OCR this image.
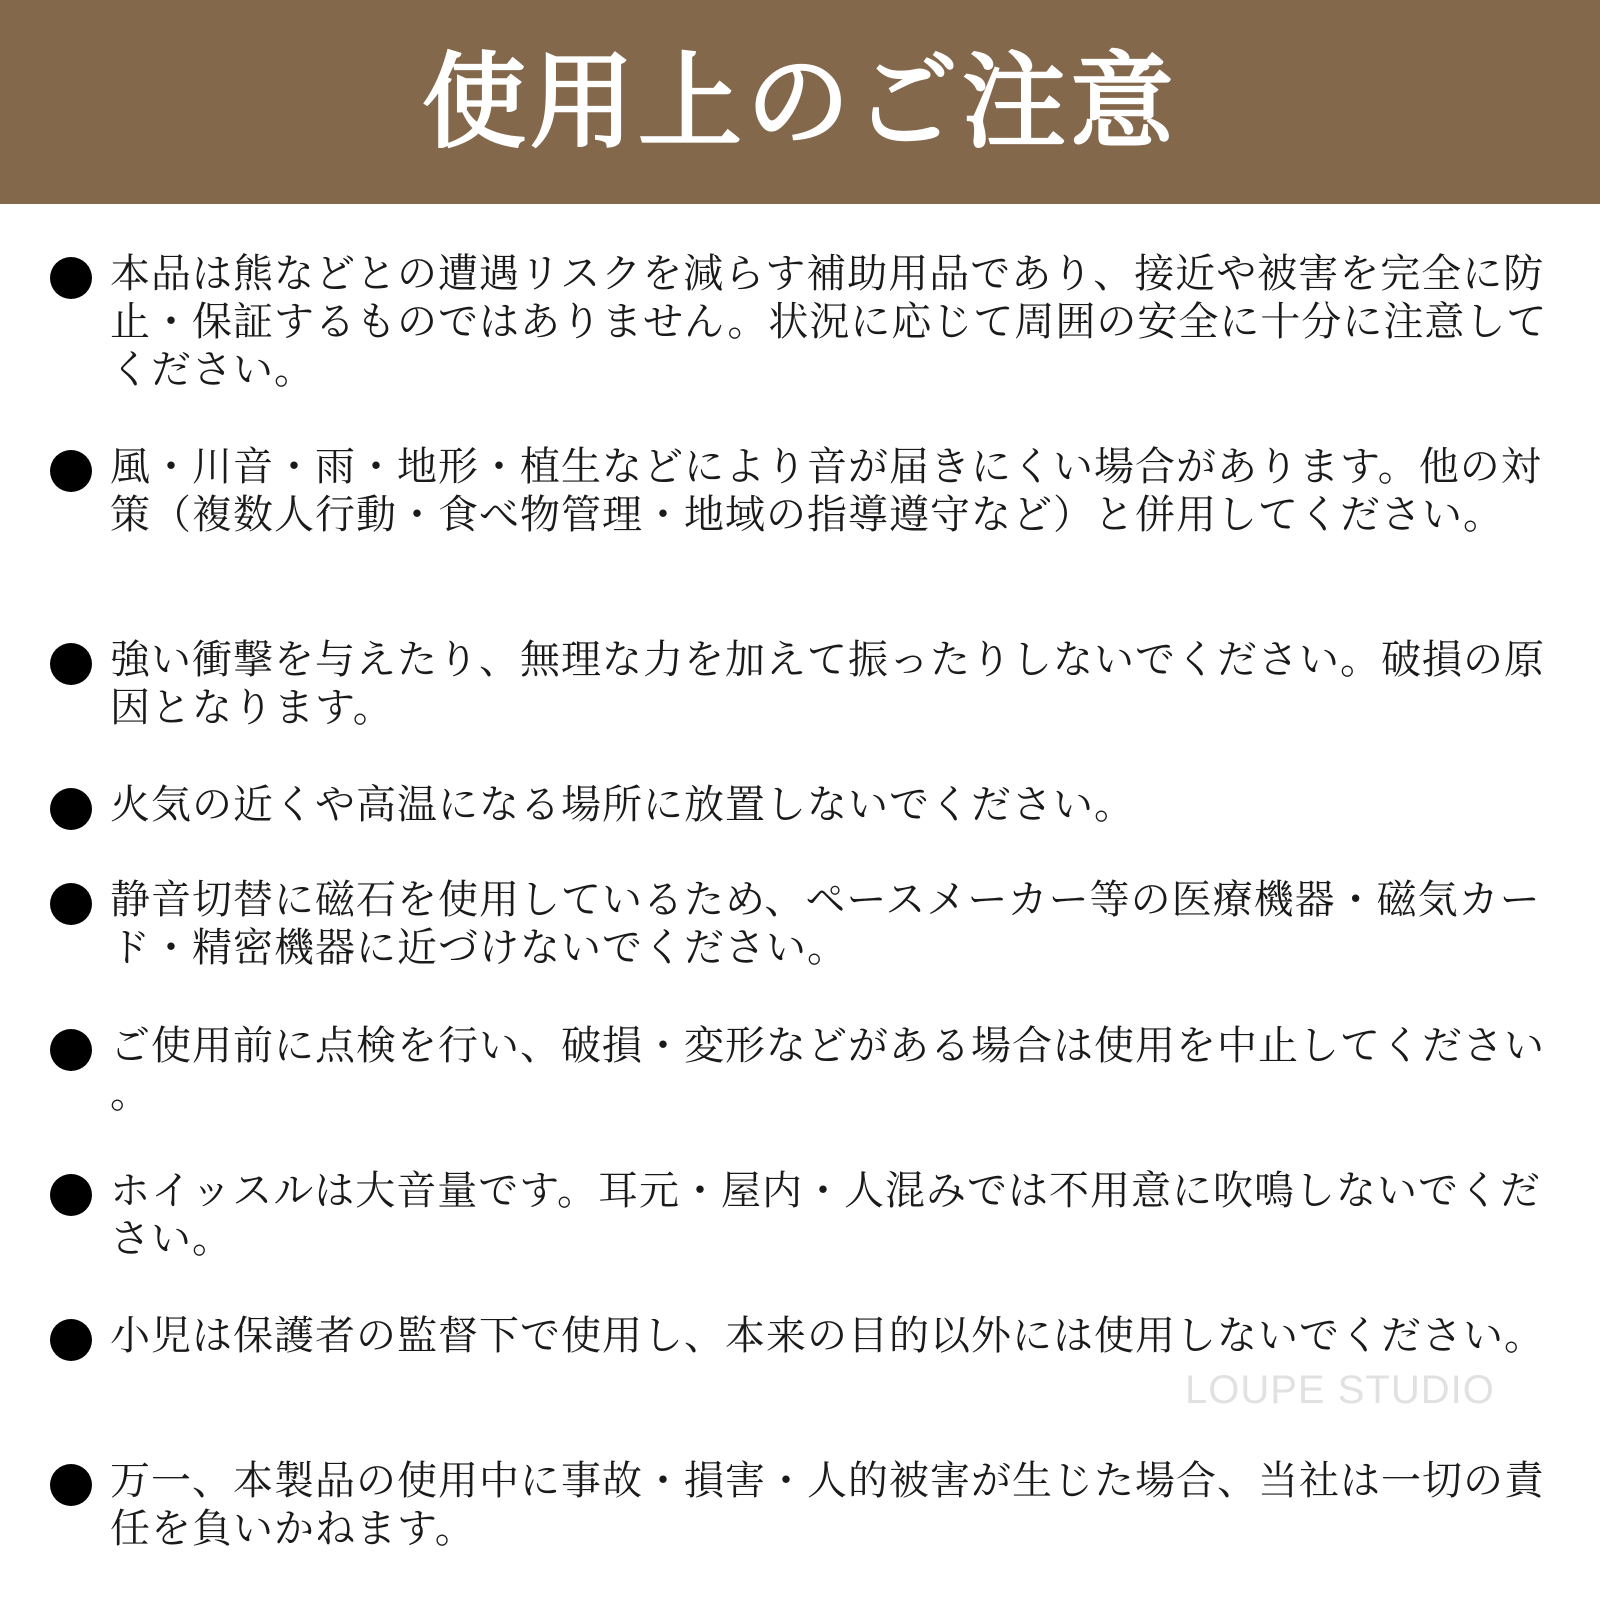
使用上のご注意
本品は熊などとの遭遇リスクを減らす補助用品であり、接近や被害を完全に防止・保証するものではありません。状況に応じて周囲の安全に十分に注意してください。
風・川音・雨・地形・植生などにより音が届きにくい場合があります。他の対策（複数人行動・食べ物管理・地域の指導遵守など）と併用してください。
強い衝撃を与えたり、無理な力を加えて振ったりしないでください。破損の原因となります。
火気の近くや高温になる場所に放置しないでください。
静音切替に磁石を使用しているため、ペースメーカー等の医療機器・磁気カード・精密機器に近づけないでください。
ご使用前に点検を行い、破損・変形などがある場合は使用を中止してください。
ホイッスルは大音量です。耳元・屋内・人混みでは不用意に吹鳴しないでください。
小児は保護者の監督下で使用し、本来の目的以外には使用しないでください。
万一、本製品の使用中に事故・損害・人的被害が生じた場合、当社は一切の責任を負いかねます。
LOUPE STUDIO
